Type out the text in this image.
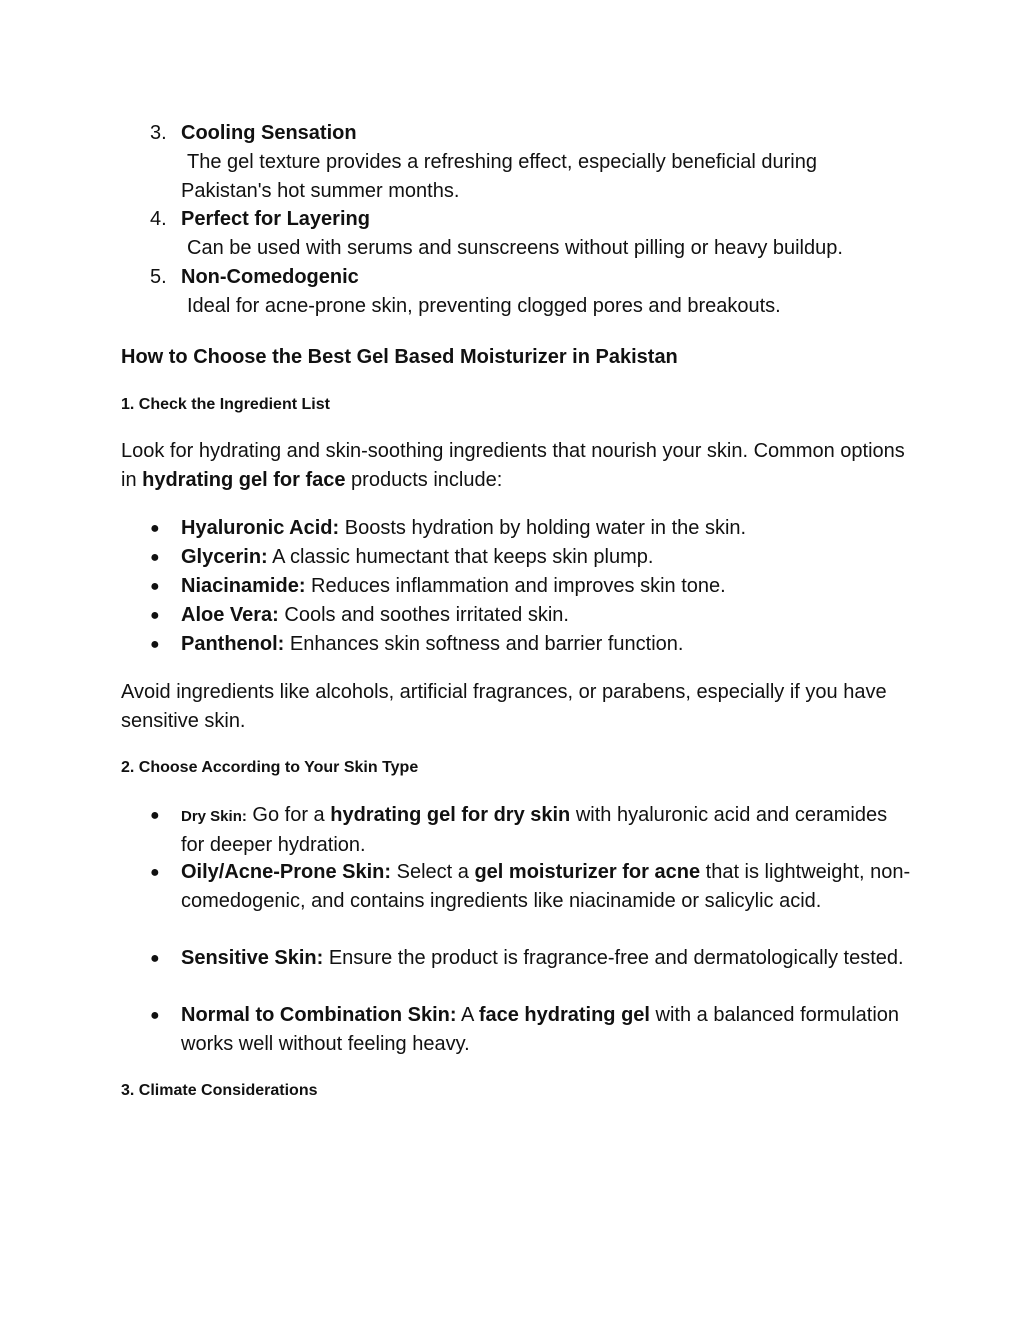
3. Cooling Sensation
The gel texture provides a refreshing effect, especially beneficial during Pakistan's hot summer months.
4. Perfect for Layering
Can be used with serums and sunscreens without pilling or heavy buildup.
5. Non-Comedogenic
Ideal for acne-prone skin, preventing clogged pores and breakouts.
How to Choose the Best Gel Based Moisturizer in Pakistan
1. Check the Ingredient List
Look for hydrating and skin-soothing ingredients that nourish your skin. Common options in hydrating gel for face products include:
● Hyaluronic Acid: Boosts hydration by holding water in the skin.
● Glycerin: A classic humectant that keeps skin plump.
● Niacinamide: Reduces inflammation and improves skin tone.
● Aloe Vera: Cools and soothes irritated skin.
● Panthenol: Enhances skin softness and barrier function.
Avoid ingredients like alcohols, artificial fragrances, or parabens, especially if you have sensitive skin.
2. Choose According to Your Skin Type
● Dry Skin: Go for a hydrating gel for dry skin with hyaluronic acid and ceramides for deeper hydration.
● Oily/Acne-Prone Skin: Select a gel moisturizer for acne that is lightweight, non-comedogenic, and contains ingredients like niacinamide or salicylic acid.
● Sensitive Skin: Ensure the product is fragrance-free and dermatologically tested.
● Normal to Combination Skin: A face hydrating gel with a balanced formulation works well without feeling heavy.
3. Climate Considerations
